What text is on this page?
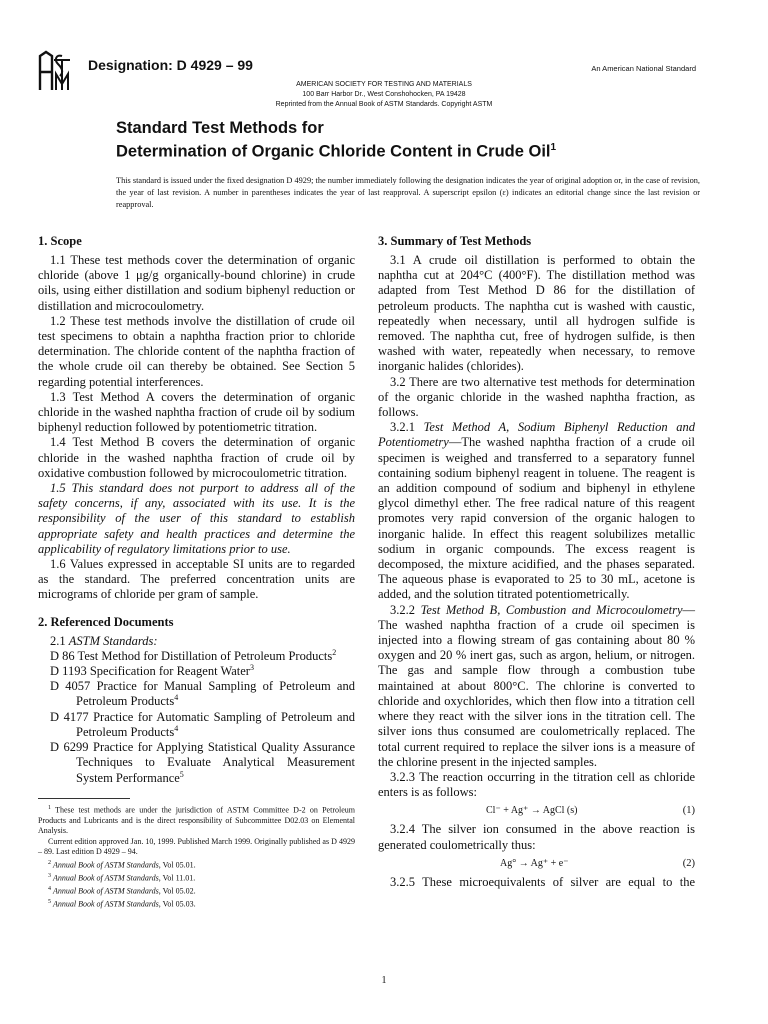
Designation: D 4929 – 99	An American National Standard
AMERICAN SOCIETY FOR TESTING AND MATERIALS
100 Barr Harbor Dr., West Conshohocken, PA 19428
Reprinted from the Annual Book of ASTM Standards. Copyright ASTM
Standard Test Methods for
Determination of Organic Chloride Content in Crude Oil$^1$
This standard is issued under the fixed designation D 4929; the number immediately following the designation indicates the year of original adoption or, in the case of revision, the year of last revision. A number in parentheses indicates the year of last reapproval. A superscript epsilon (ε) indicates an editorial change since the last revision or reapproval.
1. Scope

1.1 These test methods cover the determination of organic chloride (above 1 μg/g organically-bound chlorine) in crude oils, using either distillation and sodium biphenyl reduction or distillation and microcoulometry.

1.2 These test methods involve the distillation of crude oil test specimens to obtain a naphtha fraction prior to chloride determination. The chloride content of the naphtha fraction of the whole crude oil can thereby be obtained. See Section 5 regarding potential interferences.

1.3 Test Method A covers the determination of organic chloride in the washed naphtha fraction of crude oil by sodium biphenyl reduction followed by potentiometric titration.

1.4 Test Method B covers the determination of organic chloride in the washed naphtha fraction of crude oil by oxidative combustion followed by microcoulometric titration.

1.5 This standard does not purport to address all of the safety concerns, if any, associated with its use. It is the responsibility of the user of this standard to establish appropriate safety and health practices and determine the applicability of regulatory limitations prior to use.

1.6 Values expressed in acceptable SI units are to regarded as the standard. The preferred concentration units are micrograms of chloride per gram of sample.

2. Referenced Documents
2.1 ASTM Standards:
D 86 Test Method for Distillation of Petroleum Products$^2$
D 1193 Specification for Reagent Water$^3$
D 4057 Practice for Manual Sampling of Petroleum and Petroleum Products$^4$
D 4177 Practice for Automatic Sampling of Petroleum and Petroleum Products$^4$
D 6299 Practice for Applying Statistical Quality Assurance Techniques to Evaluate Analytical Measurement System Performance$^5$
$^1$ These test methods are under the jurisdiction of ASTM Committee D-2 on Petroleum Products and Lubricants and is the direct responsibility of Subcommittee D02.03 on Elemental Analysis.
Current edition approved Jan. 10, 1999. Published March 1999. Originally published as D 4929 – 89. Last edition D 4929 – 94.
$^2$ Annual Book of ASTM Standards, Vol 05.01.
$^3$ Annual Book of ASTM Standards, Vol 11.01.
$^4$ Annual Book of ASTM Standards, Vol 05.02.
$^5$ Annual Book of ASTM Standards, Vol 05.03.
3. Summary of Test Methods

3.1 A crude oil distillation is performed to obtain the naphtha cut at 204°C (400°F). The distillation method was adapted from Test Method D 86 for the distillation of petroleum products. The naphtha cut is washed with caustic, repeatedly when necessary, until all hydrogen sulfide is removed. The naphtha cut, free of hydrogen sulfide, is then washed with water, repeatedly when necessary, to remove inorganic halides (chlorides).

3.2 There are two alternative test methods for determination of the organic chloride in the washed naphtha fraction, as follows.

3.2.1 Test Method A, Sodium Biphenyl Reduction and Potentiometry—The washed naphtha fraction of a crude oil specimen is weighed and transferred to a separatory funnel containing sodium biphenyl reagent in toluene. The reagent is an addition compound of sodium and biphenyl in ethylene glycol dimethyl ether. The free radical nature of this reagent promotes very rapid conversion of the organic halogen to inorganic halide. In effect this reagent solubilizes metallic sodium in organic compounds. The excess reagent is decomposed, the mixture acidified, and the phases separated. The aqueous phase is evaporated to 25 to 30 mL, acetone is added, and the solution titrated potentiometrically.

3.2.2 Test Method B, Combustion and Microcoulometry—The washed naphtha fraction of a crude oil specimen is injected into a flowing stream of gas containing about 80 % oxygen and 20 % inert gas, such as argon, helium, or nitrogen. The gas and sample flow through a combustion tube maintained at about 800°C. The chlorine is converted to chloride and oxychlorides, which then flow into a titration cell where they react with the silver ions in the titration cell. The silver ions thus consumed are coulometrically replaced. The total current required to replace the silver ions is a measure of the chlorine present in the injected samples.

3.2.3 The reaction occurring in the titration cell as chloride enters is as follows:

Cl⁻ + Ag⁺ → AgCl (s)	(1)

3.2.4 The silver ion consumed in the above reaction is generated coulometrically thus:

Ag° → Ag⁺ + e⁻	(2)

3.2.5 These microequivalents of silver are equal to the

1
